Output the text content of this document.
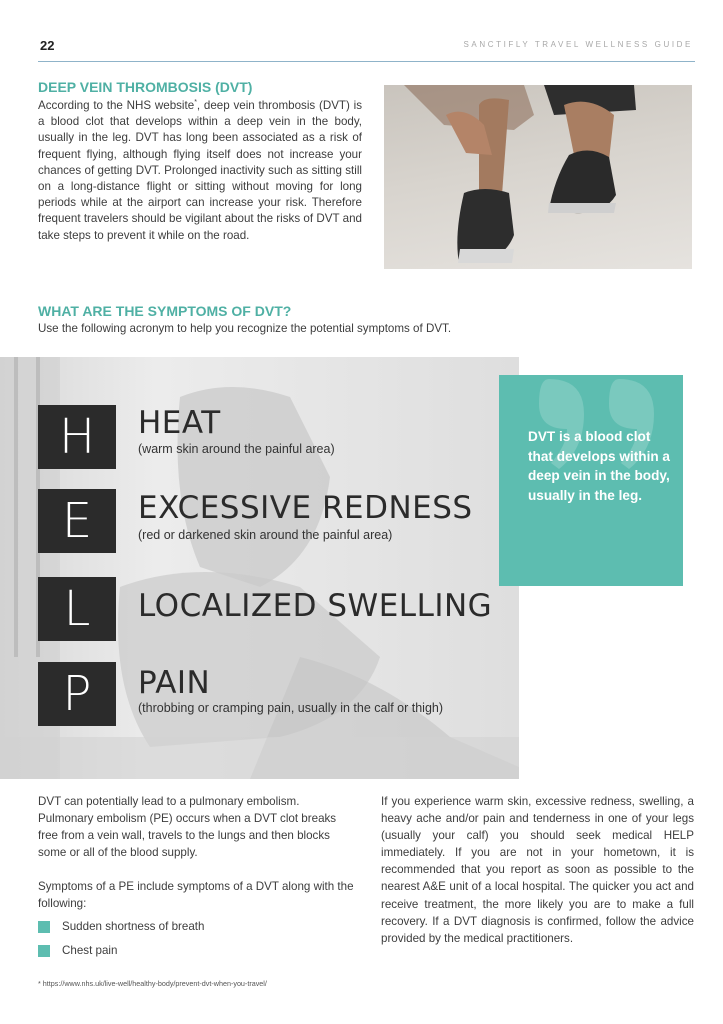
22	SANCTIFLY TRAVEL WELLNESS GUIDE
DEEP VEIN THROMBOSIS (DVT)

According to the NHS website*, deep vein thrombosis (DVT) is a blood clot that develops within a deep vein in the body, usually in the leg. DVT has long been associated as a risk of frequent flying, although flying itself does not increase your chances of getting DVT. Prolonged inactivity such as sitting still on a long-distance flight or sitting without moving for long periods while at the airport can increase your risk. Therefore frequent travelers should be vigilant about the risks of DVT and take steps to prevent it while on the road.

WHAT ARE THE SYMPTOMS OF DVT?

Use the following acronym to help you recognize the potential symptoms of DVT.

H	HEAT
(warm skin around the painful area)
E	EXCESSIVE REDNESS
(red or darkened skin around the painful area)
L	LOCALIZED SWELLING
P	PAIN
(throbbing or cramping pain, usually in the calf or thigh)

DVT is a blood clot that develops within a deep vein in the body, usually in the leg.

DVT can potentially lead to a pulmonary embolism. Pulmonary embolism (PE) occurs when a DVT clot breaks free from a vein wall, travels to the lungs and then blocks some or all of the blood supply.

Symptoms of a PE include symptoms of a DVT along with the following:

Sudden shortness of breath
Chest pain

If you experience warm skin, excessive redness, swelling, a heavy ache and/or pain and tenderness in one of your legs (usually your calf) you should seek medical HELP immediately. If you are not in your hometown, it is recommended that you report as soon as possible to the nearest A&E unit of a local hospital. The quicker you act and receive treatment, the more likely you are to make a full recovery. If a DVT diagnosis is confirmed, follow the advice provided by the medical practitioners.

* https://www.nhs.uk/live-well/healthy-body/prevent-dvt-when-you-travel/
